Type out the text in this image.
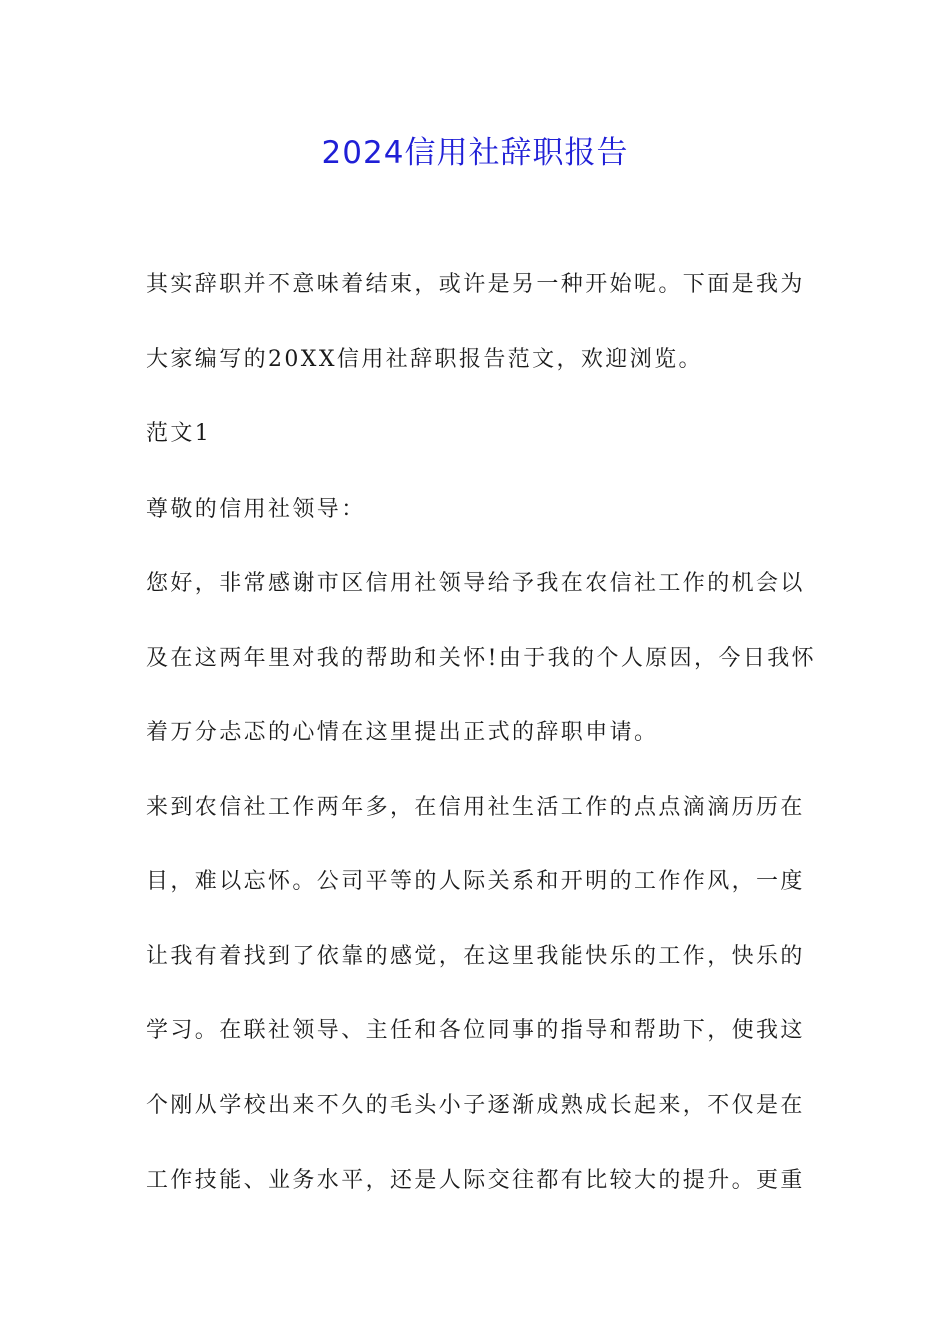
2024信用社辞职报告
其实辞职并不意味着结束，或许是另一种开始呢。下面是我为
大家编写的20XX信用社辞职报告范文，欢迎浏览。
范文1
尊敬的信用社领导：
您好，非常感谢市区信用社领导给予我在农信社工作的机会以
及在这两年里对我的帮助和关怀!由于我的个人原因，今日我怀
着万分忐忑的心情在这里提出正式的辞职申请。
来到农信社工作两年多，在信用社生活工作的点点滴滴历历在
目，难以忘怀。公司平等的人际关系和开明的工作作风，一度
让我有着找到了依靠的感觉，在这里我能快乐的工作，快乐的
学习。在联社领导、主任和各位同事的指导和帮助下，使我这
个刚从学校出来不久的毛头小子逐渐成熟成长起来，不仅是在
工作技能、业务水平，还是人际交往都有比较大的提升。更重
